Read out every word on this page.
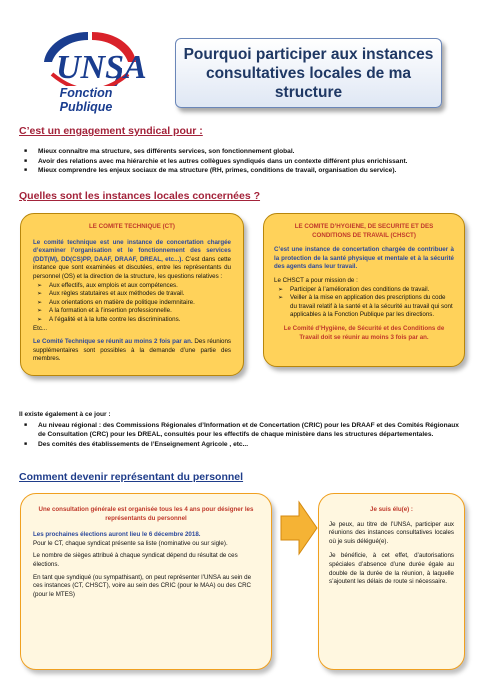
UNSA
Fonction Publique
Pourquoi participer aux instances
consultatives locales de ma structure
C’est un engagement syndical pour :
■ Mieux connaître ma structure, ses différents services, son fonctionnement global.
■ Avoir des relations avec ma hiérarchie et les autres collègues syndiqués dans un contexte différent plus enrichissant.
■ Mieux comprendre les enjeux sociaux de ma structure (RH, primes, conditions de travail, organisation du service).
Quelles sont les instances locales concernées ?
LE COMITE TECHNIQUE (CT)
Le comité technique est une instance de concertation chargée d’examiner l’organisation et le fonctionnement des services (DDT(M), DD(CS)PP, DAAF, DRAAF, DREAL, etc...). C’est dans cette instance que sont examinées et discutées, entre les représentants du personnel (OS) et la direction de la structure, les questions relatives :
➢ Aux effectifs, aux emplois et aux compétences.
➢ Aux règles statutaires et aux méthodes de travail.
➢ Aux orientations en matière de politique indemnitaire.
➢ A la formation et à l’insertion professionnelle.
➢ A l’égalité et à la lutte contre les discriminations.
Etc...
Le Comité Technique se réunit au moins 2 fois par an. Des réunions supplémentaires sont possibles à la demande d’une partie des membres.
LE COMITE D’HYGIENE, DE SECURITE ET DES
CONDITIONS DE TRAVAIL (CHSCT)
C’est une instance de concertation chargée de contribuer à la protection de la santé physique et mentale et à la sécurité des agents dans leur travail.
Le CHSCT a pour mission de :
➢ Participer à l’amélioration des conditions de travail.
➢ Veiller à la mise en application des prescriptions du code du travail relatif à la santé et à la sécurité au travail qui sont applicables à la Fonction Publique par les directions.
Le Comité d’Hygiène, de Sécurité et des Conditions de Travail doit se réunir au moins 3 fois par an.
Il existe également à ce jour :
■ Au niveau régional : des Commissions Régionales d’Information et de Concertation (CRIC) pour les DRAAF et des Comités Régionaux de Consultation (CRC) pour les DREAL, consultés pour les effectifs de chaque ministère dans les structures départementales.
■ Des comités des établissements de l’Enseignement Agricole , etc...
Comment devenir représentant du personnel
Une consultation générale est organisée tous les 4 ans pour désigner les représentants du personnel
Les prochaines élections auront lieu le 6 décembre 2018.
Pour le CT, chaque syndicat présente sa liste (nominative ou sur sigle).
Le nombre de sièges attribué à chaque syndicat dépend du résultat de ces élections.
En tant que syndiqué (ou sympathisant), on peut représenter l’UNSA au sein de ces instances (CT, CHSCT), voire au sein des CRIC (pour le MAA) ou des CRC (pour le MTES)
Je suis élu(e) :
Je peux, au titre de l’UNSA, participer aux réunions des instances consultatives locales où je suis délégué(e).
Je bénéficie, à cet effet, d’autorisations spéciales d’absence d’une durée égale au double de la durée de la réunion, à laquelle s’ajoutent les délais de route si nécessaire.
